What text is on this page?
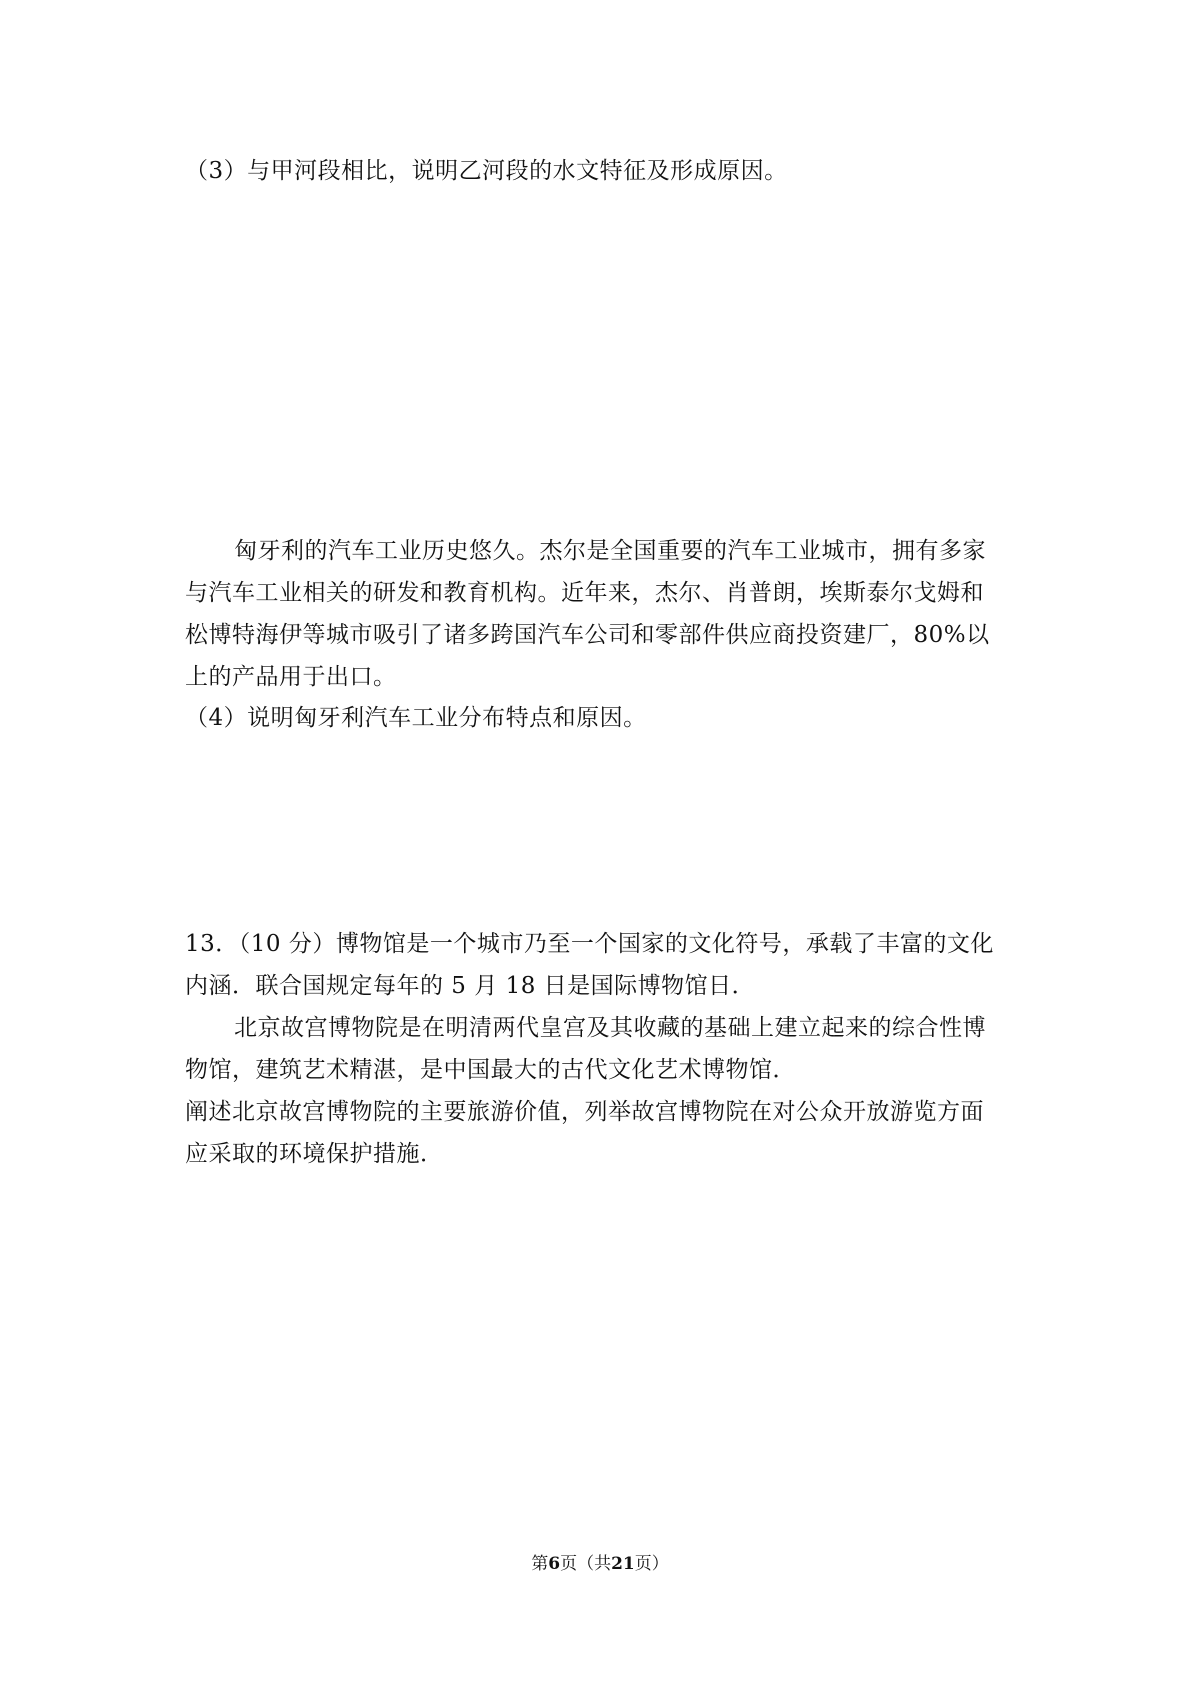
（3）与甲河段相比，说明乙河段的水文特征及形成原因。
匈牙利的汽车工业历史悠久。杰尔是全国重要的汽车工业城市，拥有多家
与汽车工业相关的研发和教育机构。近年来，杰尔、肖普朗，埃斯泰尔戈姆和
松博特海伊等城市吸引了诸多跨国汽车公司和零部件供应商投资建厂，80%以
上的产品用于出口。
（4）说明匈牙利汽车工业分布特点和原因。
13．（10 分）博物馆是一个城市乃至一个国家的文化符号，承载了丰富的文化
内涵．联合国规定每年的 5 月 18 日是国际博物馆日．
北京故宫博物院是在明清两代皇宫及其收藏的基础上建立起来的综合性博
物馆，建筑艺术精湛，是中国最大的古代文化艺术博物馆．
阐述北京故宫博物院的主要旅游价值，列举故宫博物院在对公众开放游览方面
应采取的环境保护措施．
第6页（共21页）
